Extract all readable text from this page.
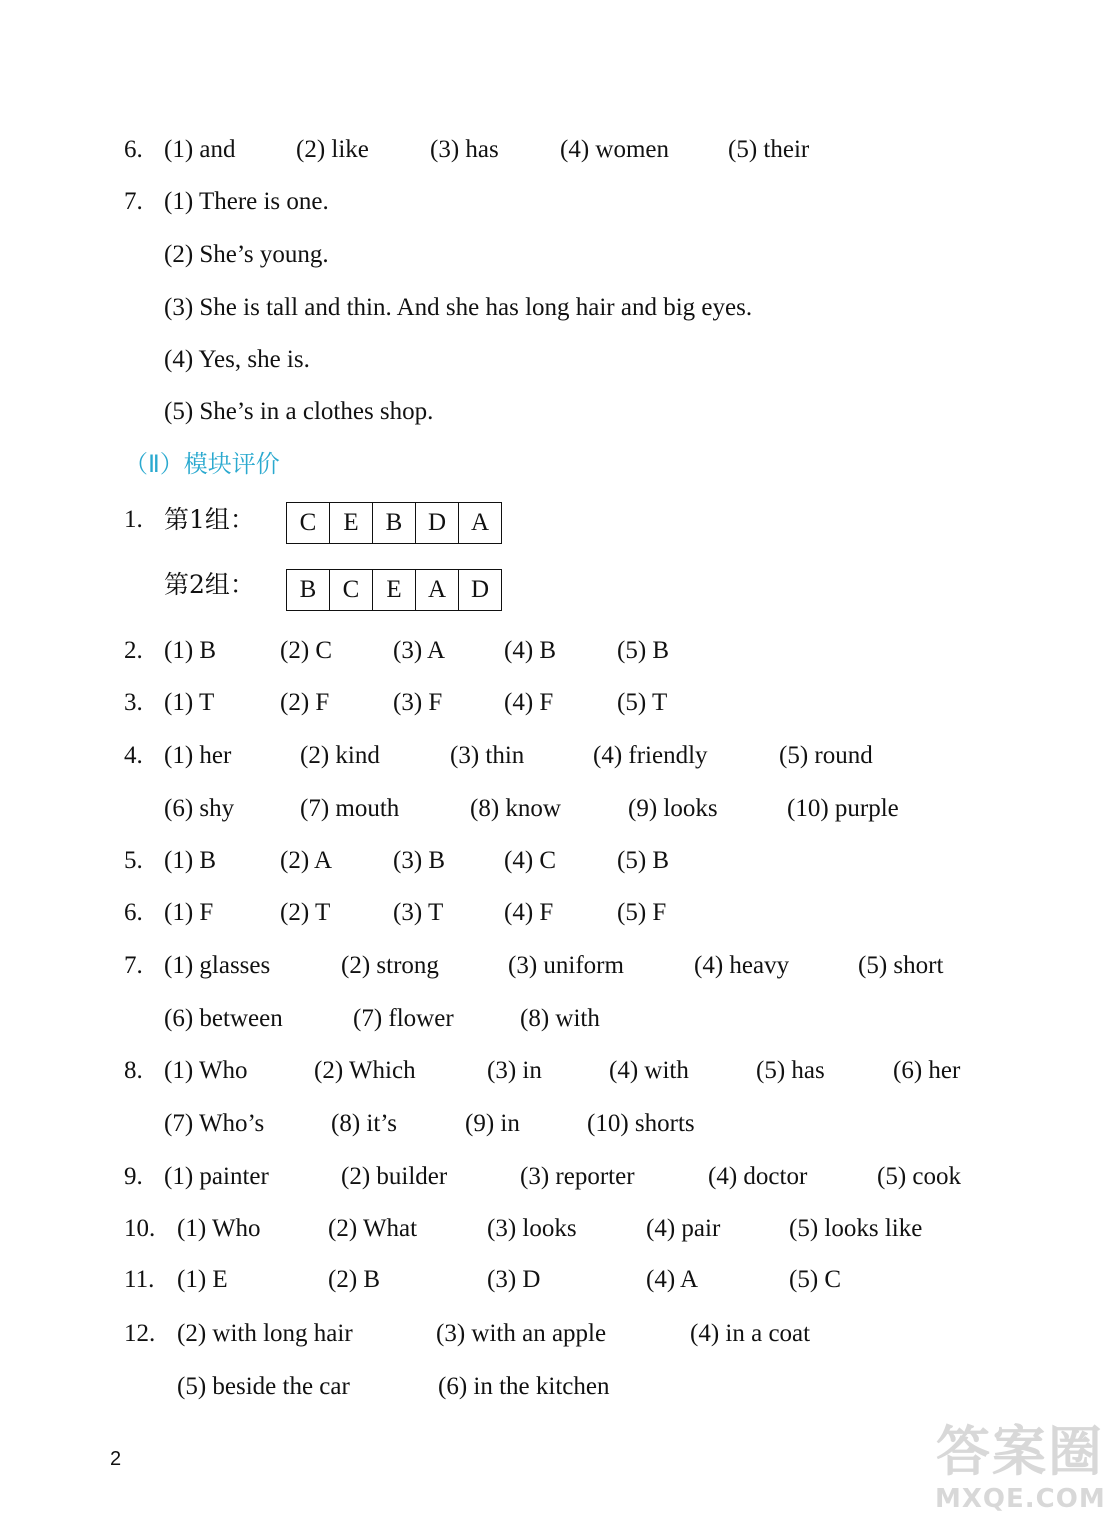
6. (1) and (2) like (3) has (4) women (5) their
7. (1) There is one.
(2) She’s young.
(3) She is tall and thin. And she has long hair and big eyes.
(4) Yes, she is.
(5) She’s in a clothes shop.
（Ⅱ）模块评价
1. 第1组：	C	E	B	D A
第2组：	B	C	E	A D
2. (1) B	(2) C (3) A (4) B (5) B
3. (1) T	(2) F	(3) F (4) F	(5) T
4. (1) her	(2) kind	(3) thin	(4) friendly	(5) round
(6) shy	(7) mouth	(8) know	(9) looks	(10) purple
5. (1) B	(2) A (3) B (4) C (5) B
6. (1) F	(2) T	(3) T (4) F	(5) F
7. (1) glasses	(2) strong	(3) uniform	(4) heavy	(5) short
(6) between	(7) flower	(8) with
8. (1) Who	(2) Which	(3) in	(4) with	(5) has	(6) her
(7) Who’s	(8) it’s	(9) in	(10) shorts
9. (1) painter	(2) builder	(3) reporter	(4) doctor	(5) cook
10. (1) Who	(2) What	(3) looks	(4) pair	(5) looks like
11. (1) E	(2) B	(3) D	(4) A	(5) C
12. (2) with long hair	(3) with an apple	(4) in a coat
(5) beside the car	(6) in the kitchen
2	答案圈
MXQE.COM
